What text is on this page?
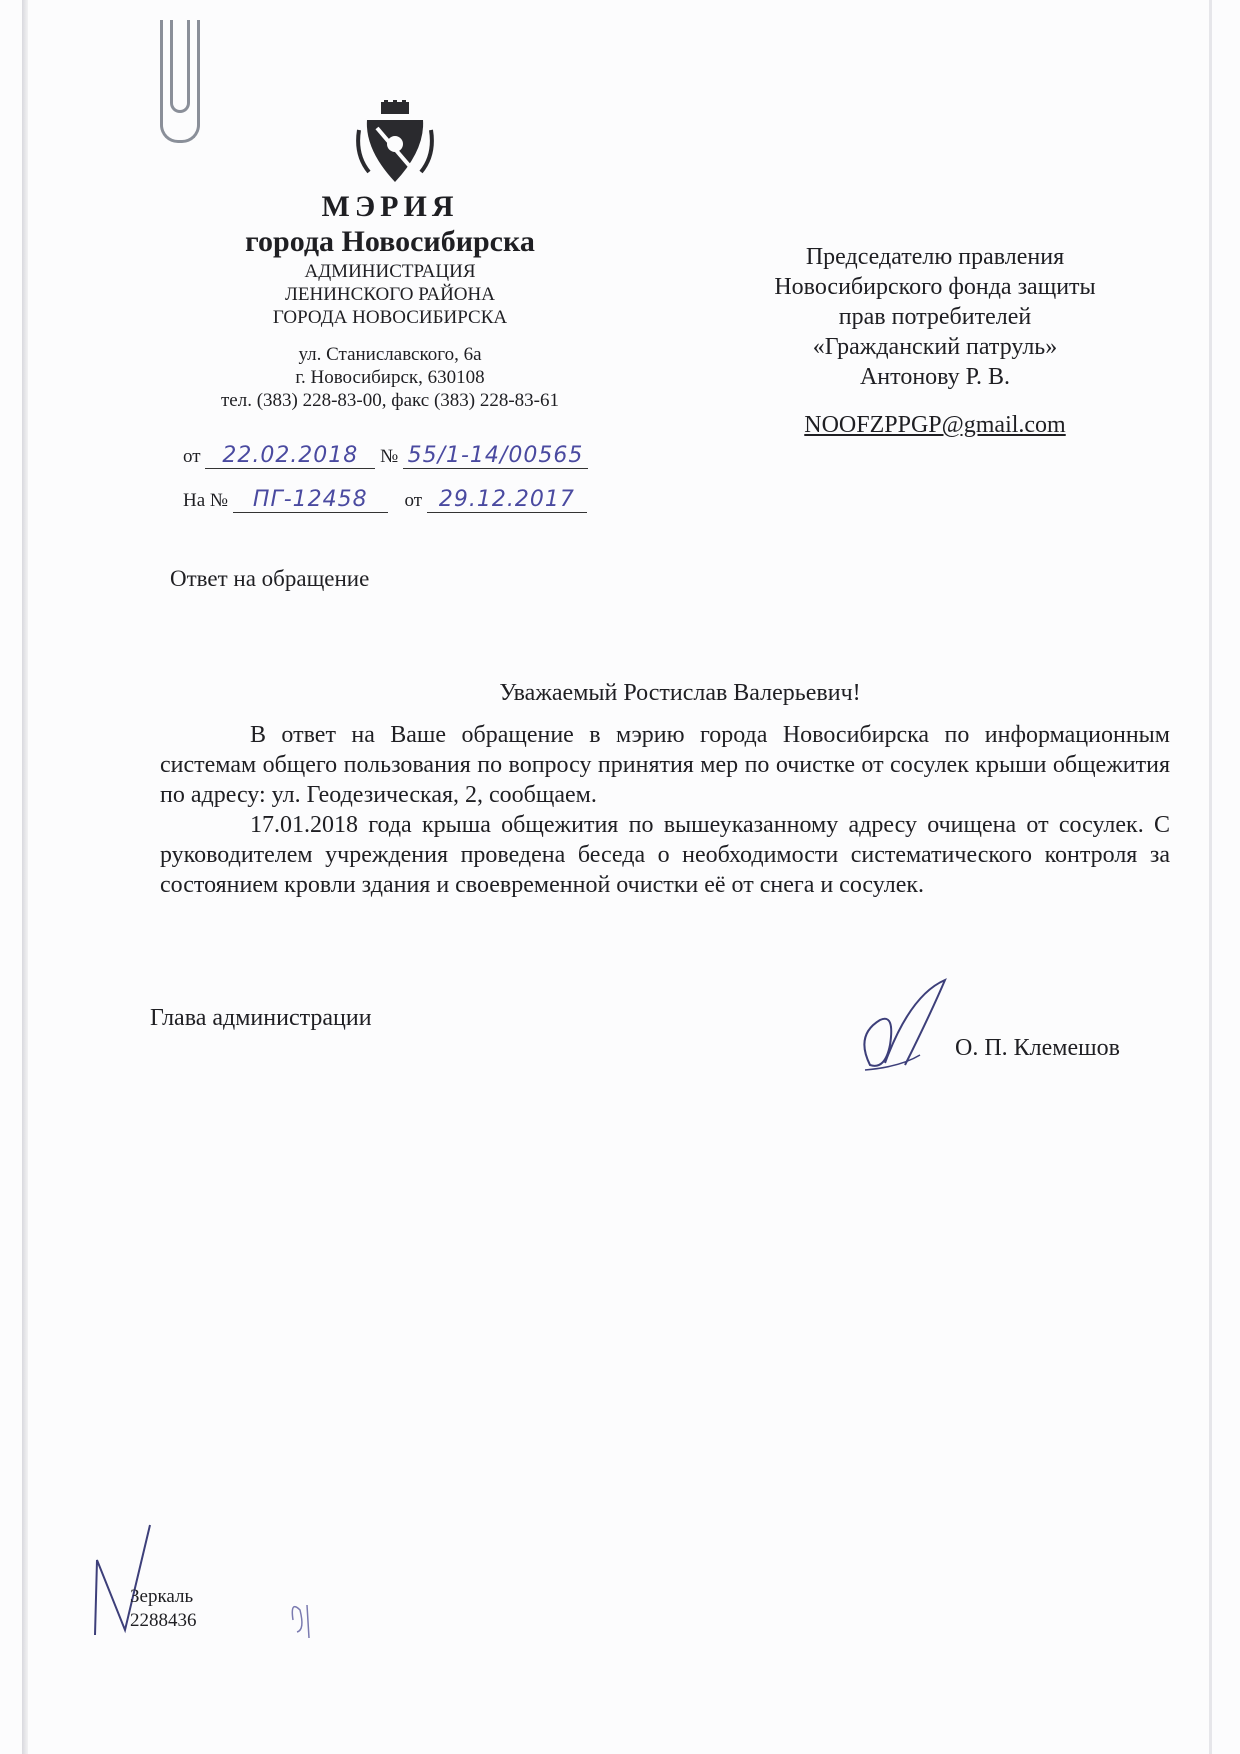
МЭРИЯ
города Новосибирска
АДМИНИСТРАЦИЯ
ЛЕНИНСКОГО РАЙОНА
ГОРОДА НОВОСИБИРСКА
ул. Станиславского, 6а
г. Новосибирск, 630108
тел. (383) 228-83-00, факс (383) 228-83-61
от 22.02.2018 № 55/1-14/00565
На № ПГ-12458 от 29.12.2017
Председателю правления
Новосибирского фонда защиты
прав потребителей
«Гражданский патруль»
Антонову Р. В.
NOOFZPPGP@gmail.com
Ответ на обращение
Уважаемый Ростислав Валерьевич!

В ответ на Ваше обращение в мэрию города Новосибирска по информационным системам общего пользования по вопросу принятия мер по очистке от сосулек крыши общежития по адресу: ул. Геодезическая, 2, сообщаем.

17.01.2018 года крыша общежития по вышеуказанному адресу очищена от сосулек. С руководителем учреждения проведена беседа о необходимости систематического контроля за состоянием кровли здания и своевременной очистки её от снега и сосулек.

Глава администрации
О. П. Клемешов
Зеркаль
2288436
